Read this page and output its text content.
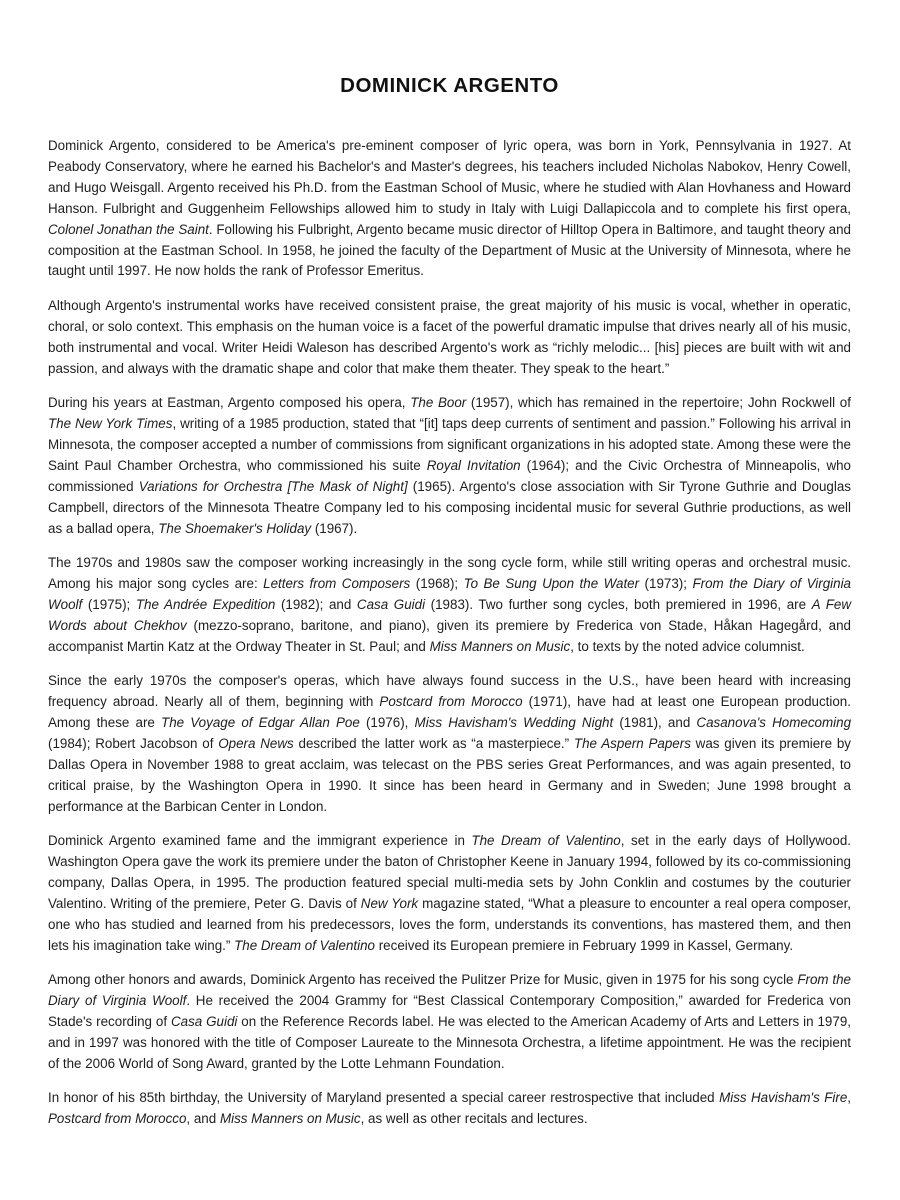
DOMINICK ARGENTO

Dominick Argento, considered to be America's pre-eminent composer of lyric opera, was born in York, Pennsylvania in 1927. At Peabody Conservatory, where he earned his Bachelor's and Master's degrees, his teachers included Nicholas Nabokov, Henry Cowell, and Hugo Weisgall. Argento received his Ph.D. from the Eastman School of Music, where he studied with Alan Hovhaness and Howard Hanson. Fulbright and Guggenheim Fellowships allowed him to study in Italy with Luigi Dallapiccola and to complete his first opera, Colonel Jonathan the Saint. Following his Fulbright, Argento became music director of Hilltop Opera in Baltimore, and taught theory and composition at the Eastman School. In 1958, he joined the faculty of the Department of Music at the University of Minnesota, where he taught until 1997. He now holds the rank of Professor Emeritus.

Although Argento's instrumental works have received consistent praise, the great majority of his music is vocal, whether in operatic, choral, or solo context. This emphasis on the human voice is a facet of the powerful dramatic impulse that drives nearly all of his music, both instrumental and vocal. Writer Heidi Waleson has described Argento's work as “richly melodic... [his] pieces are built with wit and passion, and always with the dramatic shape and color that make them theater. They speak to the heart.”

During his years at Eastman, Argento composed his opera, The Boor (1957), which has remained in the repertoire; John Rockwell of The New York Times, writing of a 1985 production, stated that “[it] taps deep currents of sentiment and passion.” Following his arrival in Minnesota, the composer accepted a number of commissions from significant organizations in his adopted state. Among these were the Saint Paul Chamber Orchestra, who commissioned his suite Royal Invitation (1964); and the Civic Orchestra of Minneapolis, who commissioned Variations for Orchestra [The Mask of Night] (1965). Argento's close association with Sir Tyrone Guthrie and Douglas Campbell, directors of the Minnesota Theatre Company led to his composing incidental music for several Guthrie productions, as well as a ballad opera, The Shoemaker's Holiday (1967).

The 1970s and 1980s saw the composer working increasingly in the song cycle form, while still writing operas and orchestral music. Among his major song cycles are: Letters from Composers (1968); To Be Sung Upon the Water (1973); From the Diary of Virginia Woolf (1975); The Andrée Expedition (1982); and Casa Guidi (1983). Two further song cycles, both premiered in 1996, are A Few Words about Chekhov (mezzo-soprano, baritone, and piano), given its premiere by Frederica von Stade, Håkan Hagegård, and accompanist Martin Katz at the Ordway Theater in St. Paul; and Miss Manners on Music, to texts by the noted advice columnist.

Since the early 1970s the composer's operas, which have always found success in the U.S., have been heard with increasing frequency abroad. Nearly all of them, beginning with Postcard from Morocco (1971), have had at least one European production. Among these are The Voyage of Edgar Allan Poe (1976), Miss Havisham's Wedding Night (1981), and Casanova's Homecoming (1984); Robert Jacobson of Opera News described the latter work as “a masterpiece.” The Aspern Papers was given its premiere by Dallas Opera in November 1988 to great acclaim, was telecast on the PBS series Great Performances, and was again presented, to critical praise, by the Washington Opera in 1990. It since has been heard in Germany and in Sweden; June 1998 brought a performance at the Barbican Center in London.

Dominick Argento examined fame and the immigrant experience in The Dream of Valentino, set in the early days of Hollywood. Washington Opera gave the work its premiere under the baton of Christopher Keene in January 1994, followed by its co-commissioning company, Dallas Opera, in 1995. The production featured special multi-media sets by John Conklin and costumes by the couturier Valentino. Writing of the premiere, Peter G. Davis of New York magazine stated, “What a pleasure to encounter a real opera composer, one who has studied and learned from his predecessors, loves the form, understands its conventions, has mastered them, and then lets his imagination take wing.” The Dream of Valentino received its European premiere in February 1999 in Kassel, Germany.

Among other honors and awards, Dominick Argento has received the Pulitzer Prize for Music, given in 1975 for his song cycle From the Diary of Virginia Woolf. He received the 2004 Grammy for “Best Classical Contemporary Composition,” awarded for Frederica von Stade's recording of Casa Guidi on the Reference Records label. He was elected to the American Academy of Arts and Letters in 1979, and in 1997 was honored with the title of Composer Laureate to the Minnesota Orchestra, a lifetime appointment. He was the recipient of the 2006 World of Song Award, granted by the Lotte Lehmann Foundation.

In honor of his 85th birthday, the University of Maryland presented a special career restrospective that included Miss Havisham's Fire, Postcard from Morocco, and Miss Manners on Music, as well as other recitals and lectures.
